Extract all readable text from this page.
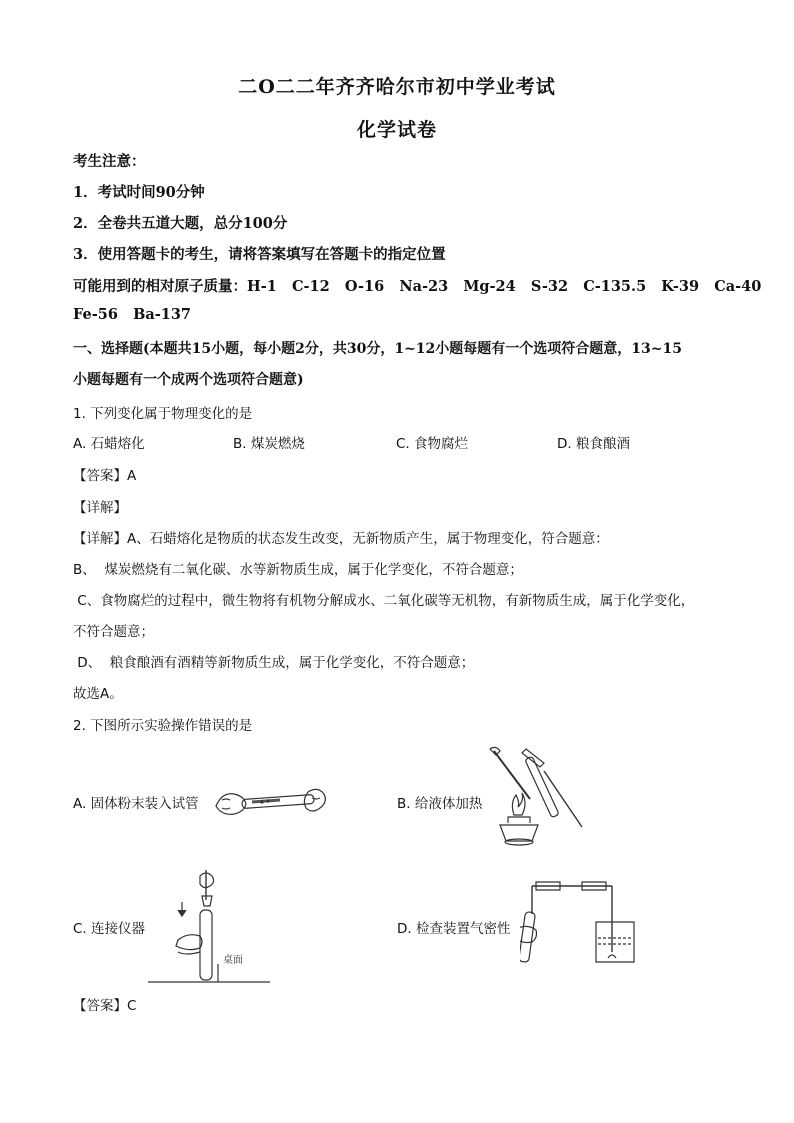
二O二二年齐齐哈尔市初中学业考试
化学试卷
考生注意：
1．考试时间90分钟
2．全卷共五道大题，总分100分
3．使用答题卡的考生，请将答案填写在答题卡的指定位置
可能用到的相对原子质量：H-1   C-12   O-16   Na-23   Mg-24   S-32   C-135.5   K-39   Ca-40
Fe-56   Ba-137
一、选择题(本题共15小题，每小题2分，共30分，1~12小题每题有一个选项符合题意，13~15
小题每题有一个成两个选项符合题意)
1. 下列变化属于物理变化的是
A. 石蜡熔化	B. 煤炭燃烧	C. 食物腐烂	D. 粮食酿酒
【答案】A
【详解】
【详解】A、石蜡熔化是物质的状态发生改变，无新物质产生，属于物理变化，符合题意：
B、  煤炭燃烧有二氧化碳、水等新物质生成，属于化学变化，不符合题意；
C、食物腐烂的过程中，微生物将有机物分解成水、二氧化碳等无机物，有新物质生成，属于化学变化，
不符合题意；
D、  粮食酿酒有酒精等新物质生成，属于化学变化，不符合题意；
故选A。
2. 下图所示实验操作错误的是
A. 固体粉末装入试管	B. 给液体加热
C. 连接仪器
桌面
D. 检查装置气密性
【答案】C
